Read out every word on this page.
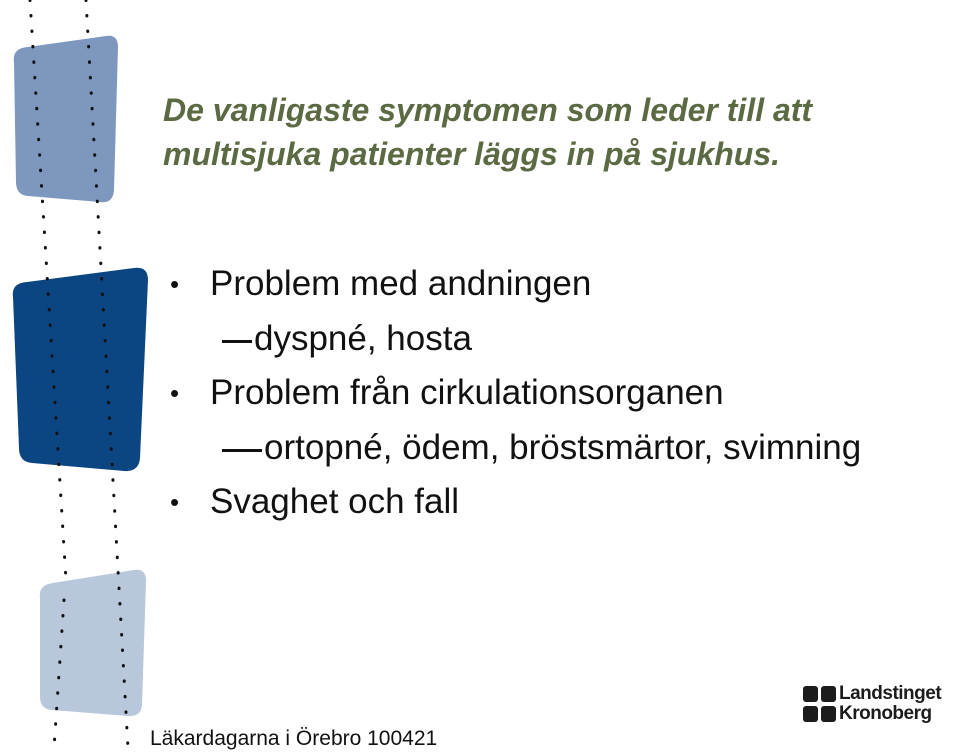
De vanligaste symptomen som leder till att
multisjuka patienter läggs in på sjukhus.
• Problem med andningen
dyspné, hosta
• Problem från cirkulationsorganen
ortopné, ödem, bröstsmärtor, svimning
• Svaghet och fall
Läkardagarna i Örebro 100421
Landstinget
Kronoberg
